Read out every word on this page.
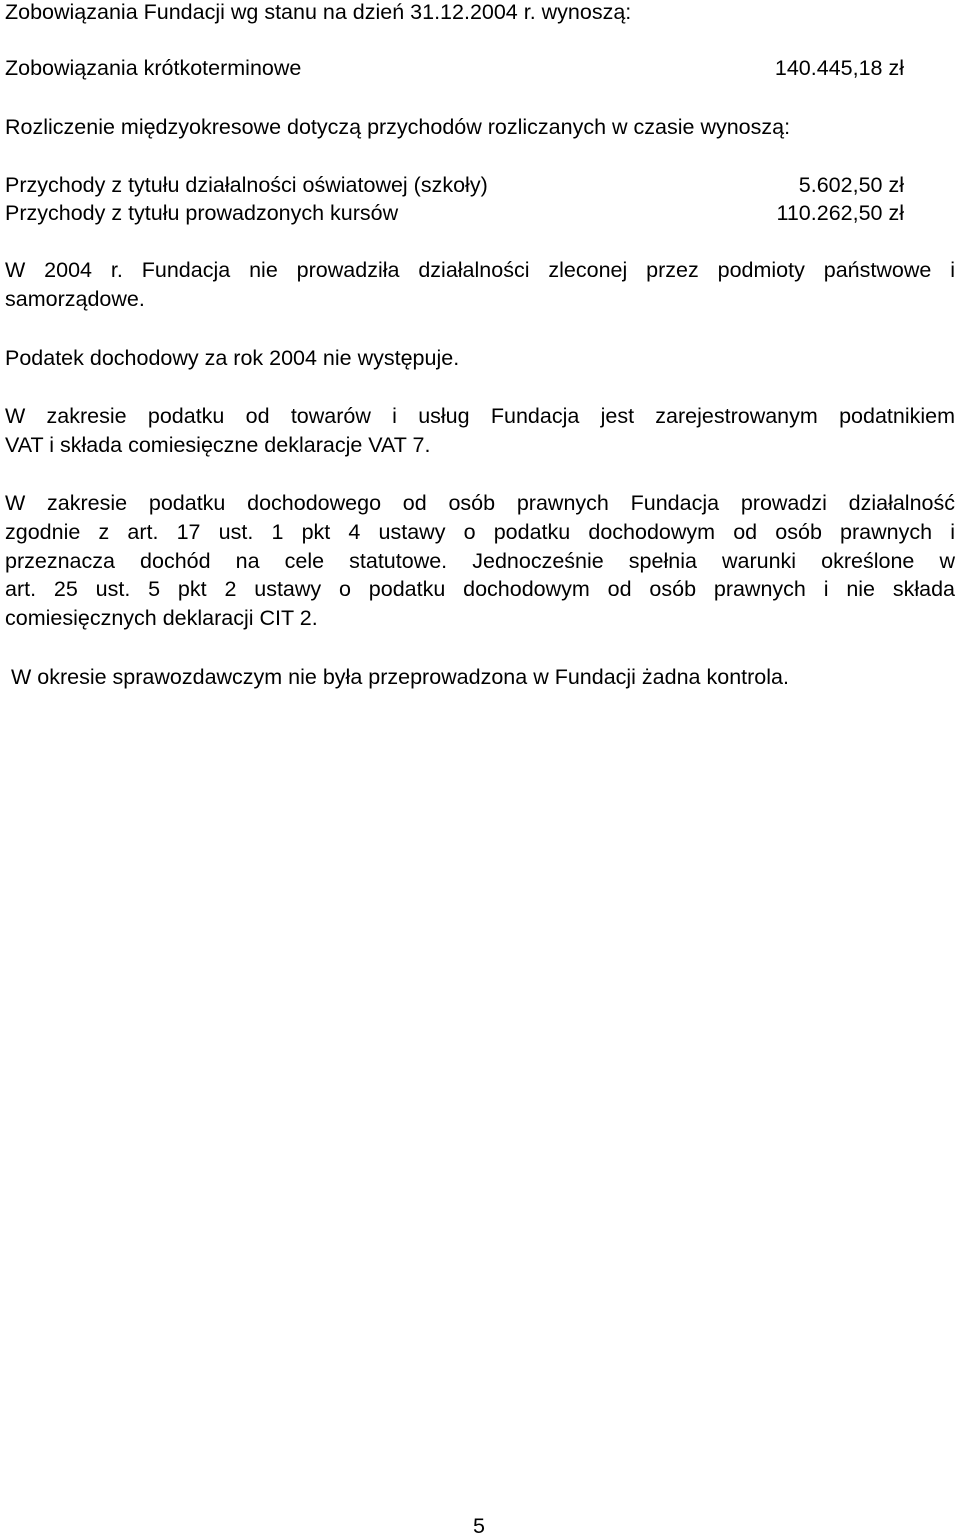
Zobowiązania Fundacji wg stanu na dzień 31.12.2004 r. wynoszą:
Zobowiązania krótkoterminowe	140.445,18 zł
Rozliczenie międzyokresowe dotyczą przychodów rozliczanych w czasie wynoszą:
Przychody z tytułu działalności oświatowej (szkoły)	5.602,50 zł
Przychody z tytułu prowadzonych kursów	110.262,50 zł
W 2004 r. Fundacja nie prowadziła działalności zleconej przez podmioty państwowe i
samorządowe.
Podatek dochodowy za rok 2004 nie występuje.
W zakresie podatku od towarów i usług Fundacja jest zarejestrowanym podatnikiem
VAT i składa comiesięczne deklaracje VAT 7.
W zakresie podatku dochodowego od osób prawnych Fundacja prowadzi działalność
zgodnie z art. 17 ust. 1 pkt 4 ustawy o podatku dochodowym od osób prawnych i
przeznacza dochód na cele statutowe. Jednocześnie spełnia warunki określone w
art. 25 ust. 5 pkt 2 ustawy o podatku dochodowym od osób prawnych i nie składa
comiesięcznych deklaracji CIT 2.
W okresie sprawozdawczym nie była przeprowadzona w Fundacji żadna kontrola.
5
